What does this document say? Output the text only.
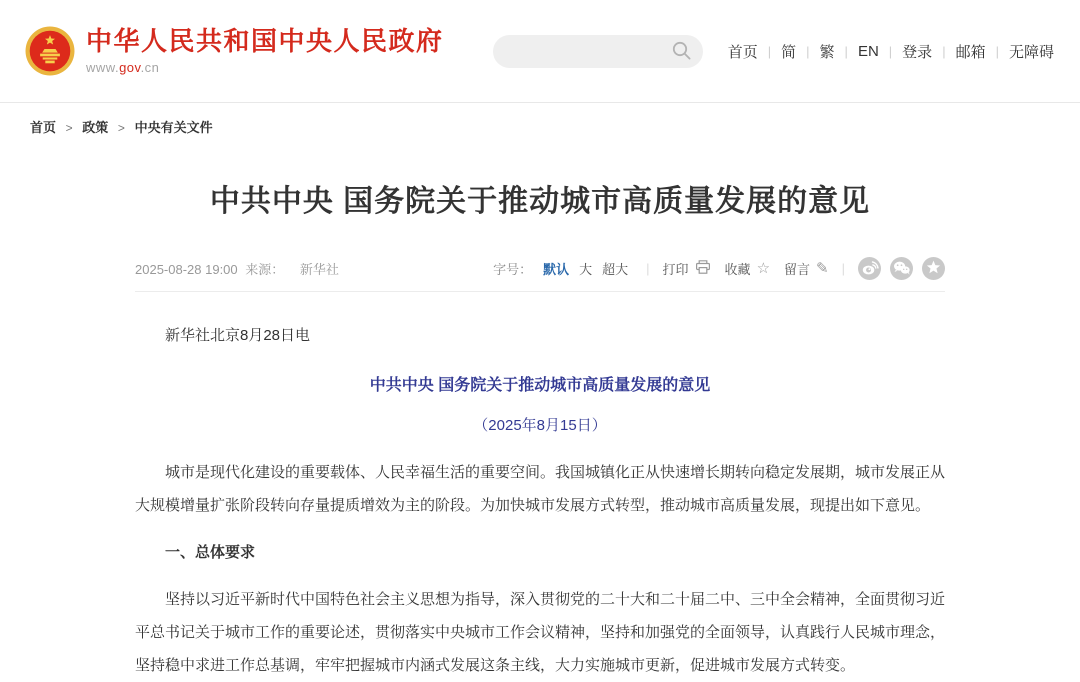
中华人民共和国中央人民政府
www.gov.cn
首页 | 简 | 繁 | EN | 登录 | 邮箱 | 无障碍
首页 > 政策 > 中央有关文件
中共中央 国务院关于推动城市高质量发展的意见
2025-08-28 19:00 来源： 新华社	字号： 默认 大 超大 | 打印	收藏 ☆ 留言 ✎ |

新华社北京8月28日电

中共中央 国务院关于推动城市高质量发展的意见

（2025年8月15日）

城市是现代化建设的重要载体、人民幸福生活的重要空间。我国城镇化正从快速增长期转向稳定发展期，城市发展正从大规模增量扩张阶段转向存量提质增效为主的阶段。为加快城市发展方式转型，推动城市高质量发展，现提出如下意见。

一、总体要求

坚持以习近平新时代中国特色社会主义思想为指导，深入贯彻党的二十大和二十届二中、三中全会精神，全面贯彻习近平总书记关于城市工作的重要论述，贯彻落实中央城市工作会议精神，坚持和加强党的全面领导，认真践行人民城市理念，坚持稳中求进工作总基调，牢牢把握城市内涵式发展这条主线，大力实施城市更新，促进城市发展方式转变。
